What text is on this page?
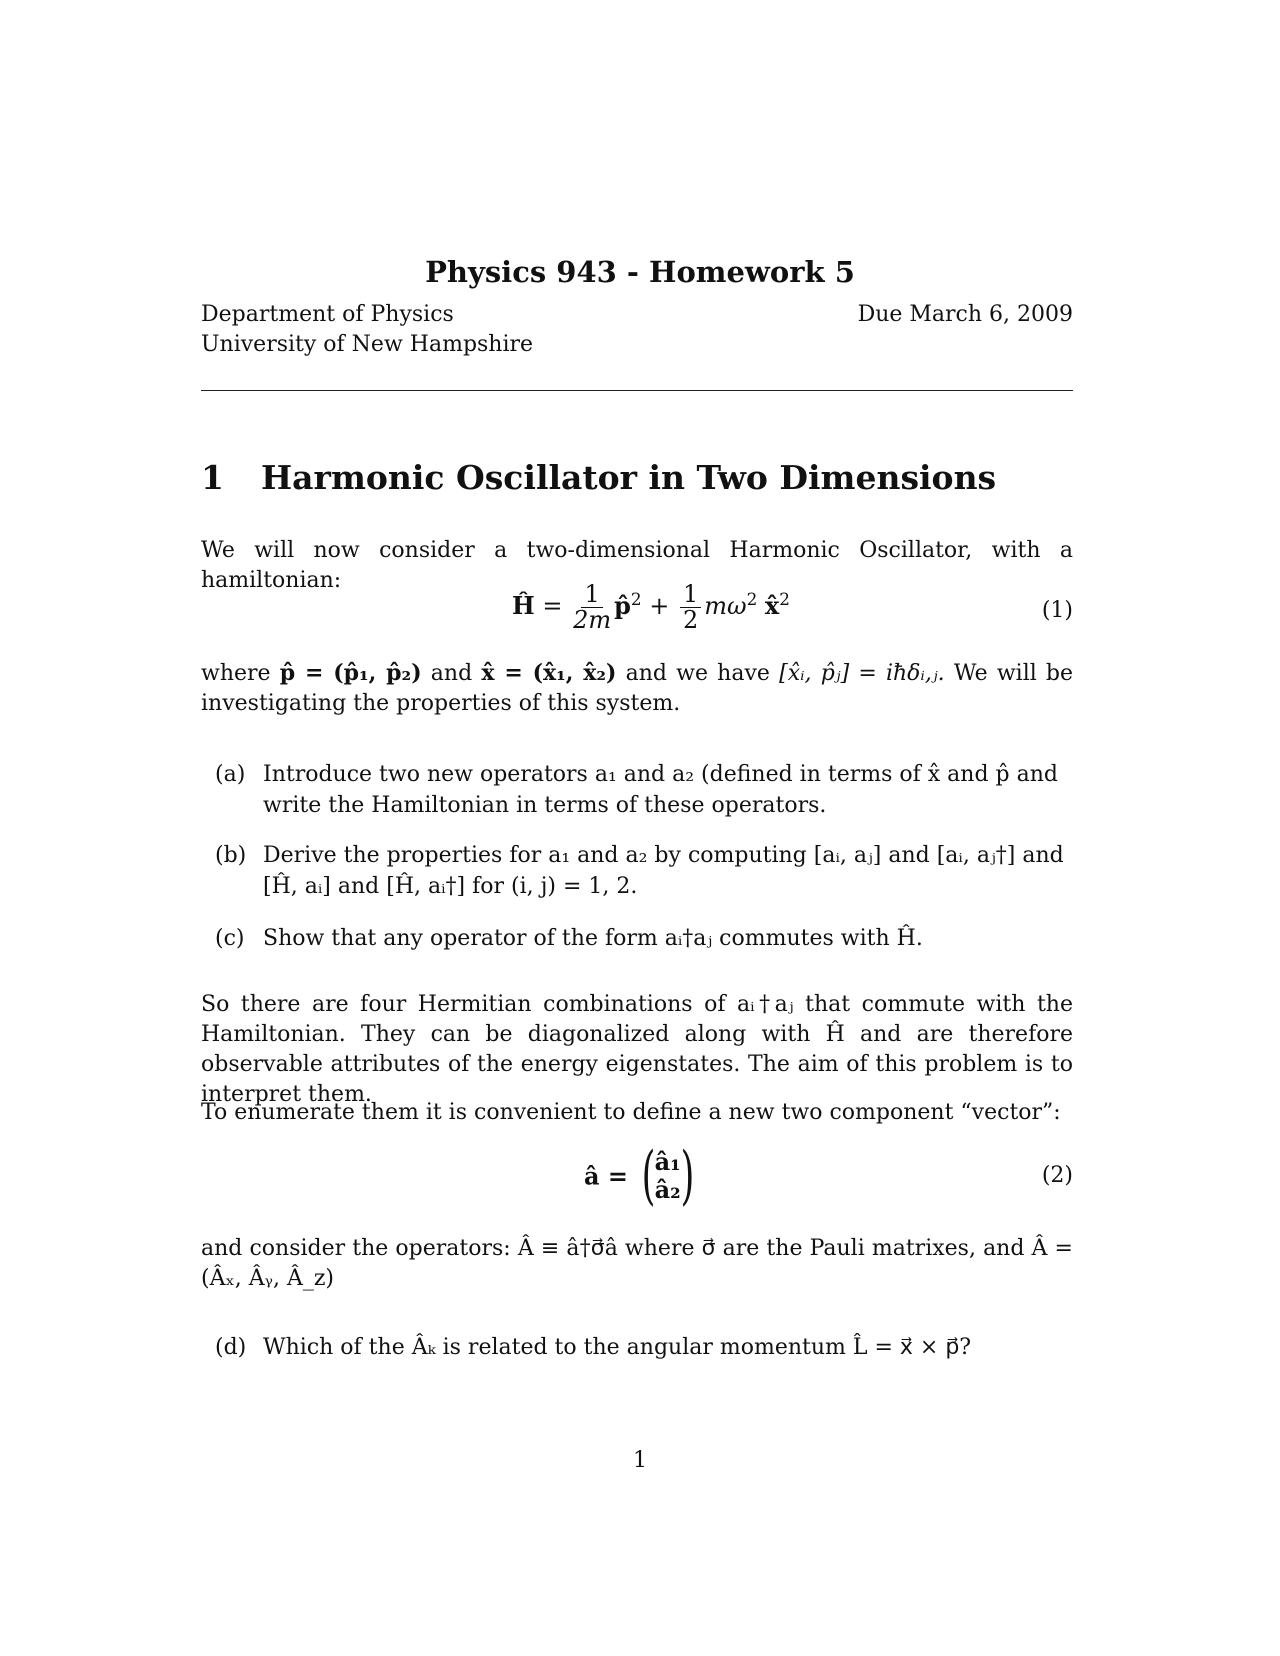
Physics 943 - Homework 5
Department of Physics
University of New Hampshire
Due March 6, 2009
1 Harmonic Oscillator in Two Dimensions
We will now consider a two-dimensional Harmonic Oscillator, with a hamiltonian:
Ĥ = $\frac{1}{2m}$ p̂$^2$ + $\frac{1}{2} m\omega^2$ x̂$^2$	(1)
where p̂ = (p̂₁, p̂₂) and x̂ = (x̂₁, x̂₂) and we have [x̂ᵢ, p̂ⱼ] = iħδᵢ,ⱼ. We will be investigating the properties of this system.
(a) Introduce two new operators a₁ and a₂ (defined in terms of x̂ and p̂ and write the Hamiltonian in terms of these operators.
(b) Derive the properties for a₁ and a₂ by computing [aᵢ, aⱼ] and [aᵢ, aⱼ†] and [Ĥ, aᵢ] and [Ĥ, aᵢ†] for (i, j) = 1, 2.
(c) Show that any operator of the form aᵢ†aⱼ commutes with Ĥ.
So there are four Hermitian combinations of aᵢ†aⱼ that commute with the Hamiltonian. They can be diagonalized along with Ĥ and are therefore observable attributes of the energy eigenstates. The aim of this problem is to interpret them.
To enumerate them it is convenient to define a new two component “vector”:
â = ( â₁
â₂ )	(2)
and consider the operators: Â ≡ â†σ⃗â where σ⃗ are the Pauli matrixes, and Â = (Âₓ, Âᵧ, Â_z)
(d) Which of the Âₖ is related to the angular momentum L̂ = x⃗ × p⃗?
1
